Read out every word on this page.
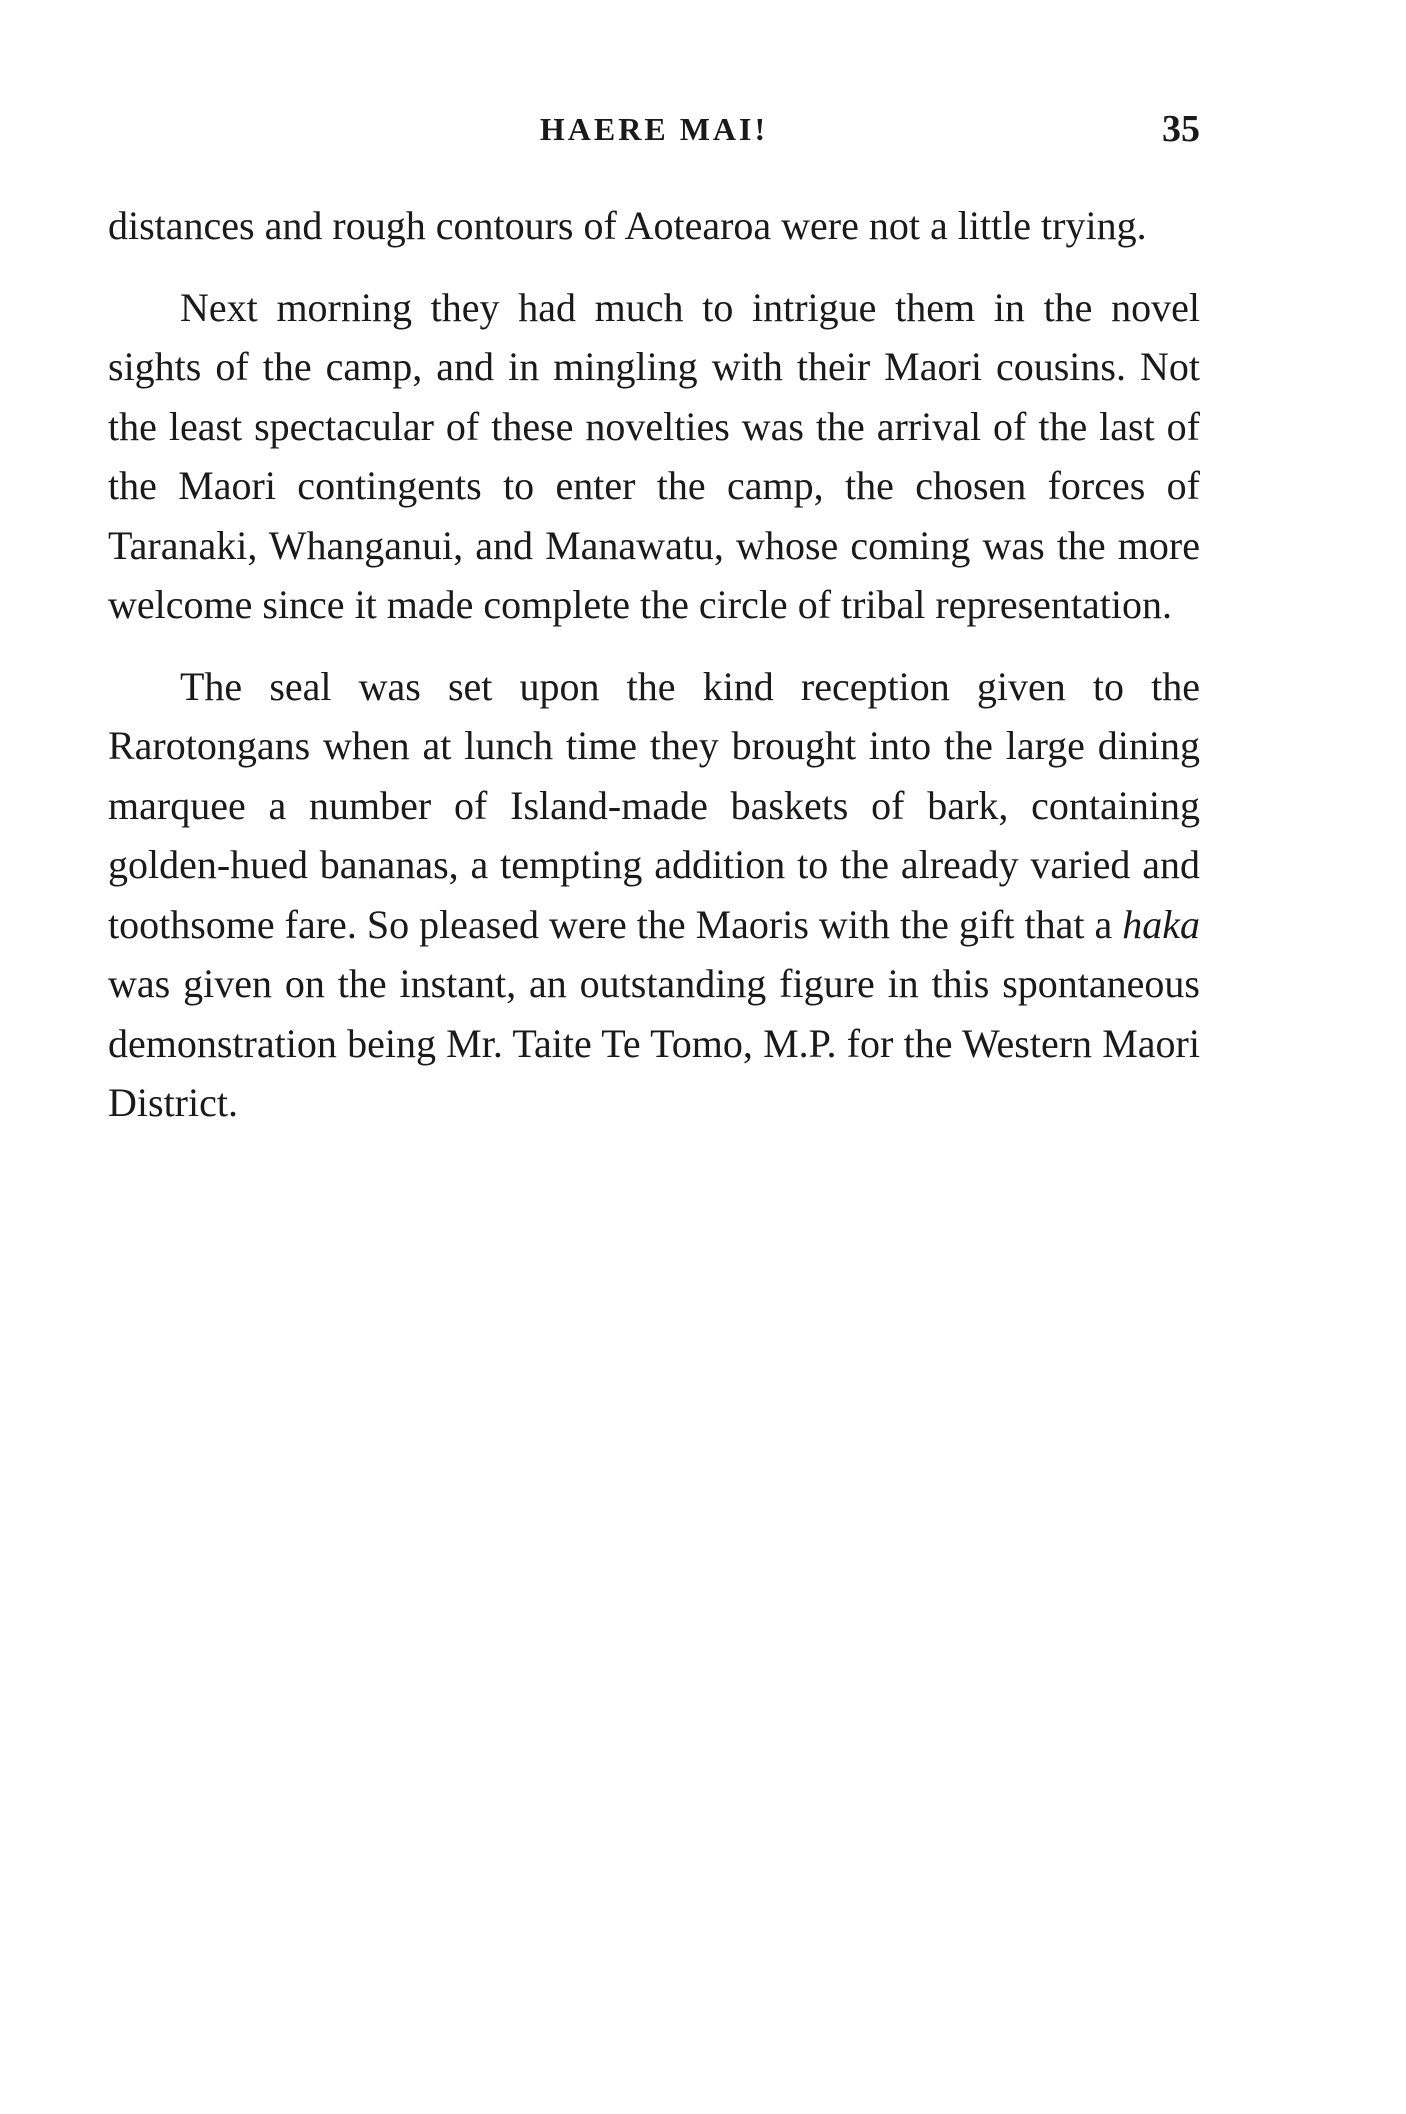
HAERE MAI!	35

distances and rough contours of Aotearoa were not a little trying.

Next morning they had much to intrigue them in the novel sights of the camp, and in mingling with their Maori cousins. Not the least spectacular of these novelties was the arrival of the last of the Maori contingents to enter the camp, the chosen forces of Taranaki, Whanganui, and Manawatu, whose coming was the more welcome since it made complete the circle of tribal representation.

The seal was set upon the kind reception given to the Rarotongans when at lunch time they brought into the large dining marquee a number of Island-made baskets of bark, containing golden-hued bananas, a tempting addition to the already varied and toothsome fare. So pleased were the Maoris with the gift that a haka was given on the instant, an outstanding figure in this spontaneous demonstration being Mr. Taite Te Tomo, M.P. for the Western Maori District.
